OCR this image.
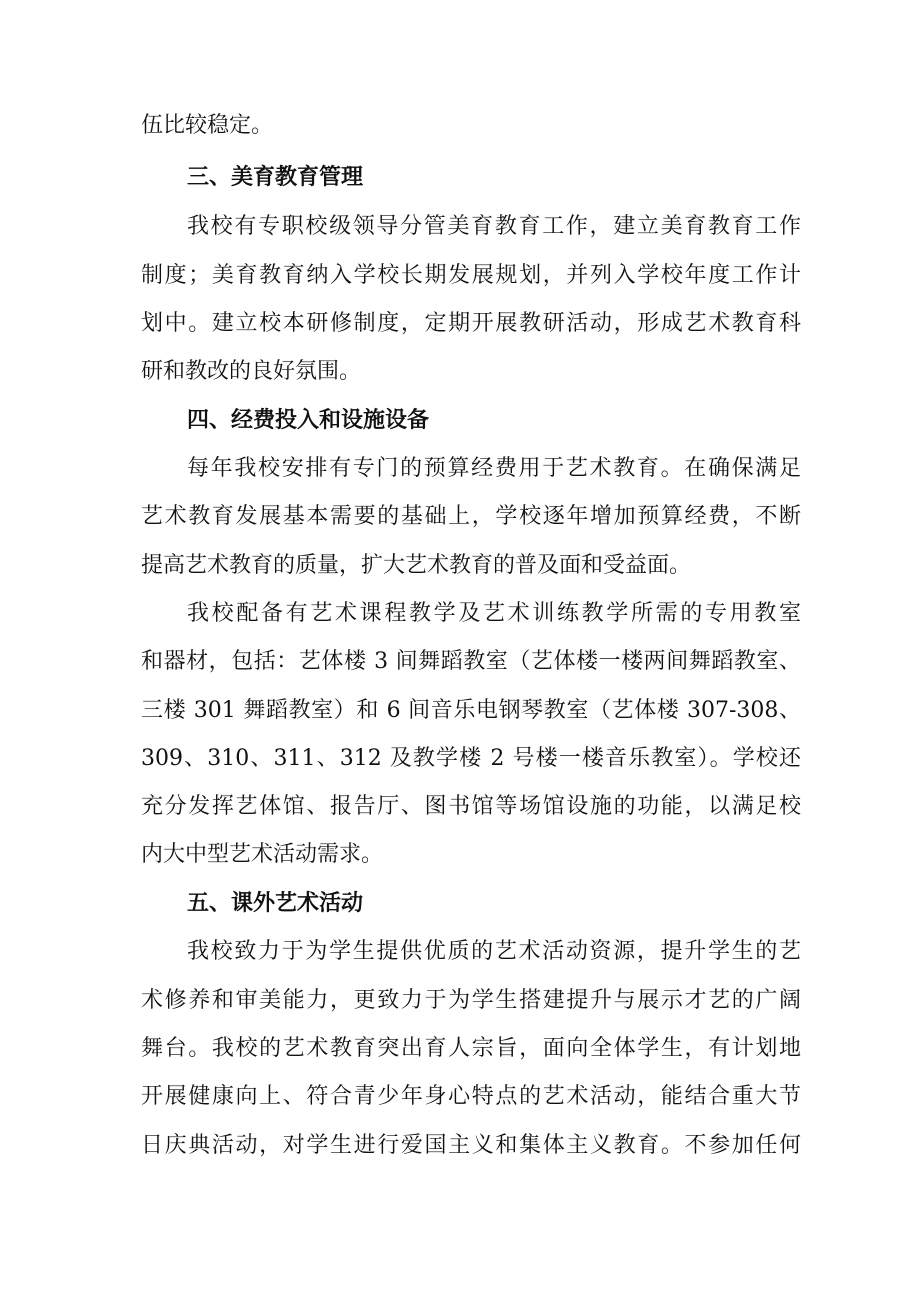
伍比较稳定。
三、美育教育管理
我校有专职校级领导分管美育教育工作，建立美育教育工作
制度；美育教育纳入学校长期发展规划，并列入学校年度工作计
划中。建立校本研修制度，定期开展教研活动，形成艺术教育科
研和教改的良好氛围。
四、经费投入和设施设备
每年我校安排有专门的预算经费用于艺术教育。在确保满足
艺术教育发展基本需要的基础上，学校逐年增加预算经费，不断
提高艺术教育的质量，扩大艺术教育的普及面和受益面。
我校配备有艺术课程教学及艺术训练教学所需的专用教室
和器材，包括：艺体楼 3 间舞蹈教室（艺体楼一楼两间舞蹈教室、
三楼 301 舞蹈教室）和 6 间音乐电钢琴教室（艺体楼 307-308、
309、310、311、312 及教学楼 2 号楼一楼音乐教室）。学校还
充分发挥艺体馆、报告厅、图书馆等场馆设施的功能，以满足校
内大中型艺术活动需求。
五、课外艺术活动
我校致力于为学生提供优质的艺术活动资源，提升学生的艺
术修养和审美能力，更致力于为学生搭建提升与展示才艺的广阔
舞台。我校的艺术教育突出育人宗旨，面向全体学生，有计划地
开展健康向上、符合青少年身心特点的艺术活动，能结合重大节
日庆典活动，对学生进行爱国主义和集体主义教育。不参加任何
